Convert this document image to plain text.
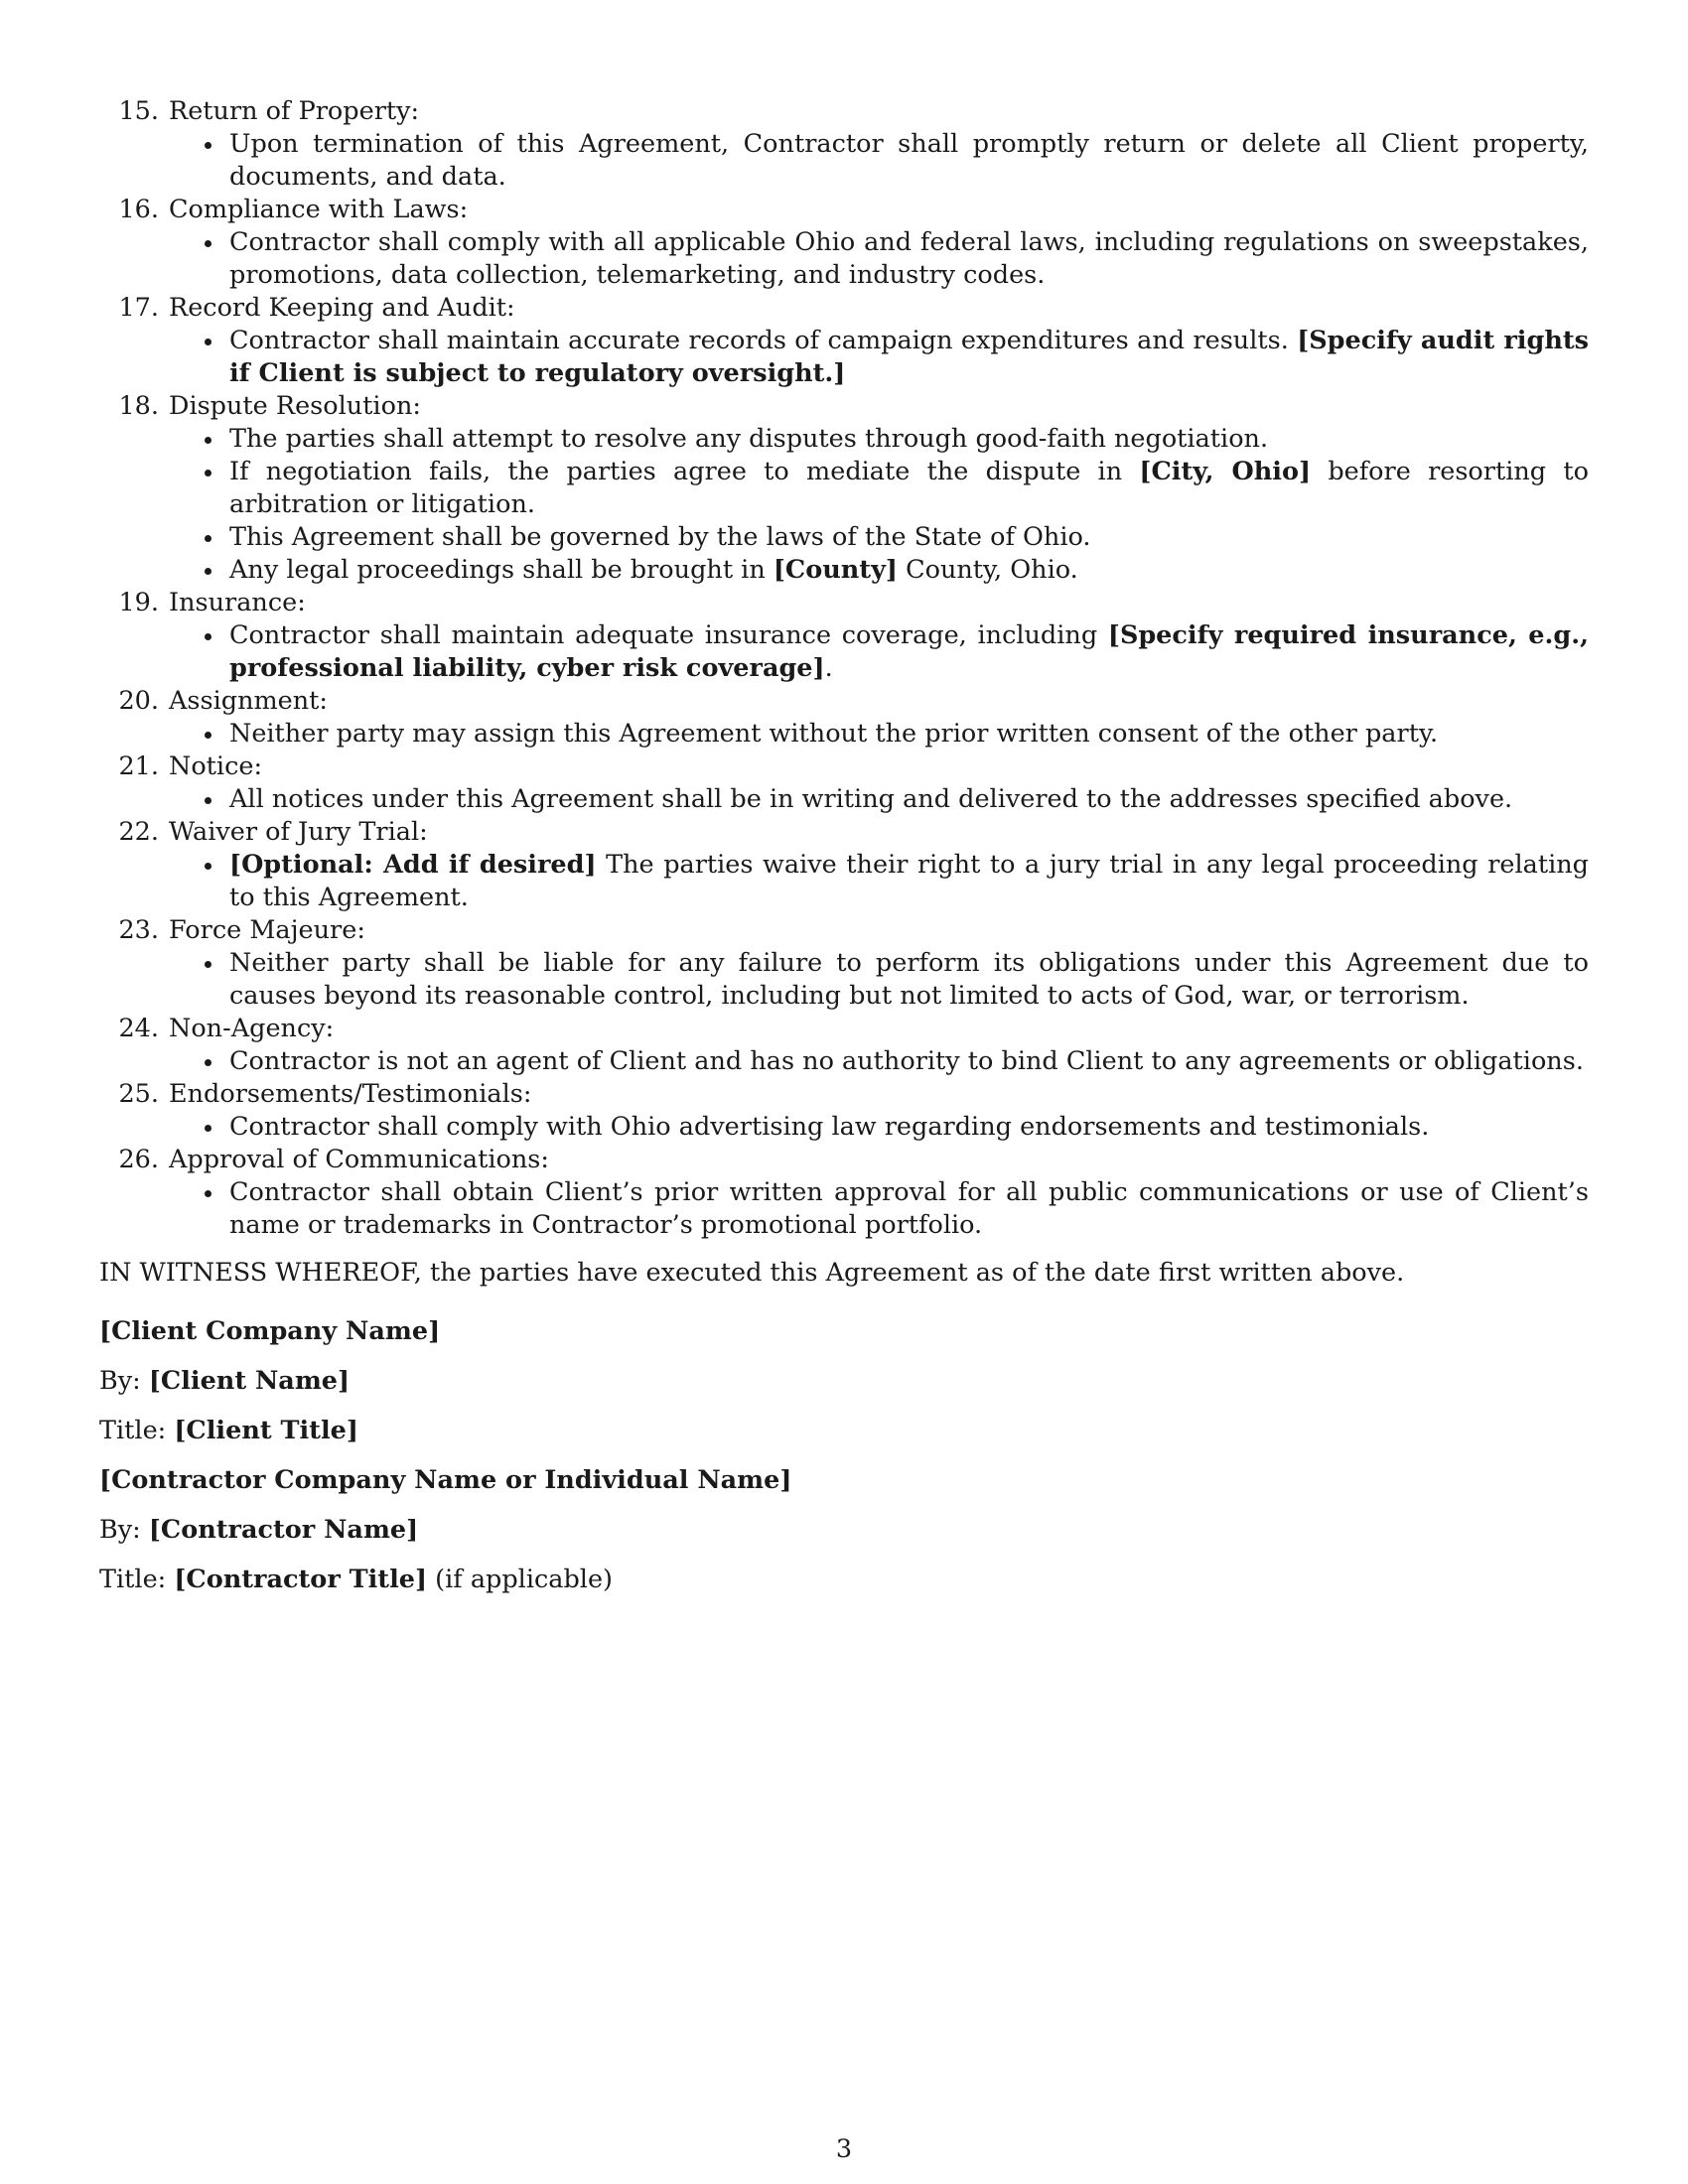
15. Return of Property:
Upon termination of this Agreement, Contractor shall promptly return or delete all Client property, documents, and data.
16. Compliance with Laws:
Contractor shall comply with all applicable Ohio and federal laws, including regulations on sweepstakes, promotions, data collection, telemarketing, and industry codes.
17. Record Keeping and Audit:
Contractor shall maintain accurate records of campaign expenditures and results. [Specify audit rights if Client is subject to regulatory oversight.]
18. Dispute Resolution:
The parties shall attempt to resolve any disputes through good-faith negotiation.
If negotiation fails, the parties agree to mediate the dispute in [City, Ohio] before resorting to arbitration or litigation.
This Agreement shall be governed by the laws of the State of Ohio.
Any legal proceedings shall be brought in [County] County, Ohio.
19. Insurance:
Contractor shall maintain adequate insurance coverage, including [Specify required insurance, e.g., professional liability, cyber risk coverage].
20. Assignment:
Neither party may assign this Agreement without the prior written consent of the other party.
21. Notice:
All notices under this Agreement shall be in writing and delivered to the addresses specified above.
22. Waiver of Jury Trial:
[Optional: Add if desired] The parties waive their right to a jury trial in any legal proceeding relating to this Agreement.
23. Force Majeure:
Neither party shall be liable for any failure to perform its obligations under this Agreement due to causes beyond its reasonable control, including but not limited to acts of God, war, or terrorism.
24. Non-Agency:
Contractor is not an agent of Client and has no authority to bind Client to any agreements or obligations.
25. Endorsements/Testimonials:
Contractor shall comply with Ohio advertising law regarding endorsements and testimonials.
26. Approval of Communications:
Contractor shall obtain Client’s prior written approval for all public communications or use of Client’s name or trademarks in Contractor’s promotional portfolio.

IN WITNESS WHEREOF, the parties have executed this Agreement as of the date first written above.

[Client Company Name]
By: [Client Name]
Title: [Client Title]
[Contractor Company Name or Individual Name]
By: [Contractor Name]
Title: [Contractor Title] (if applicable)
3
